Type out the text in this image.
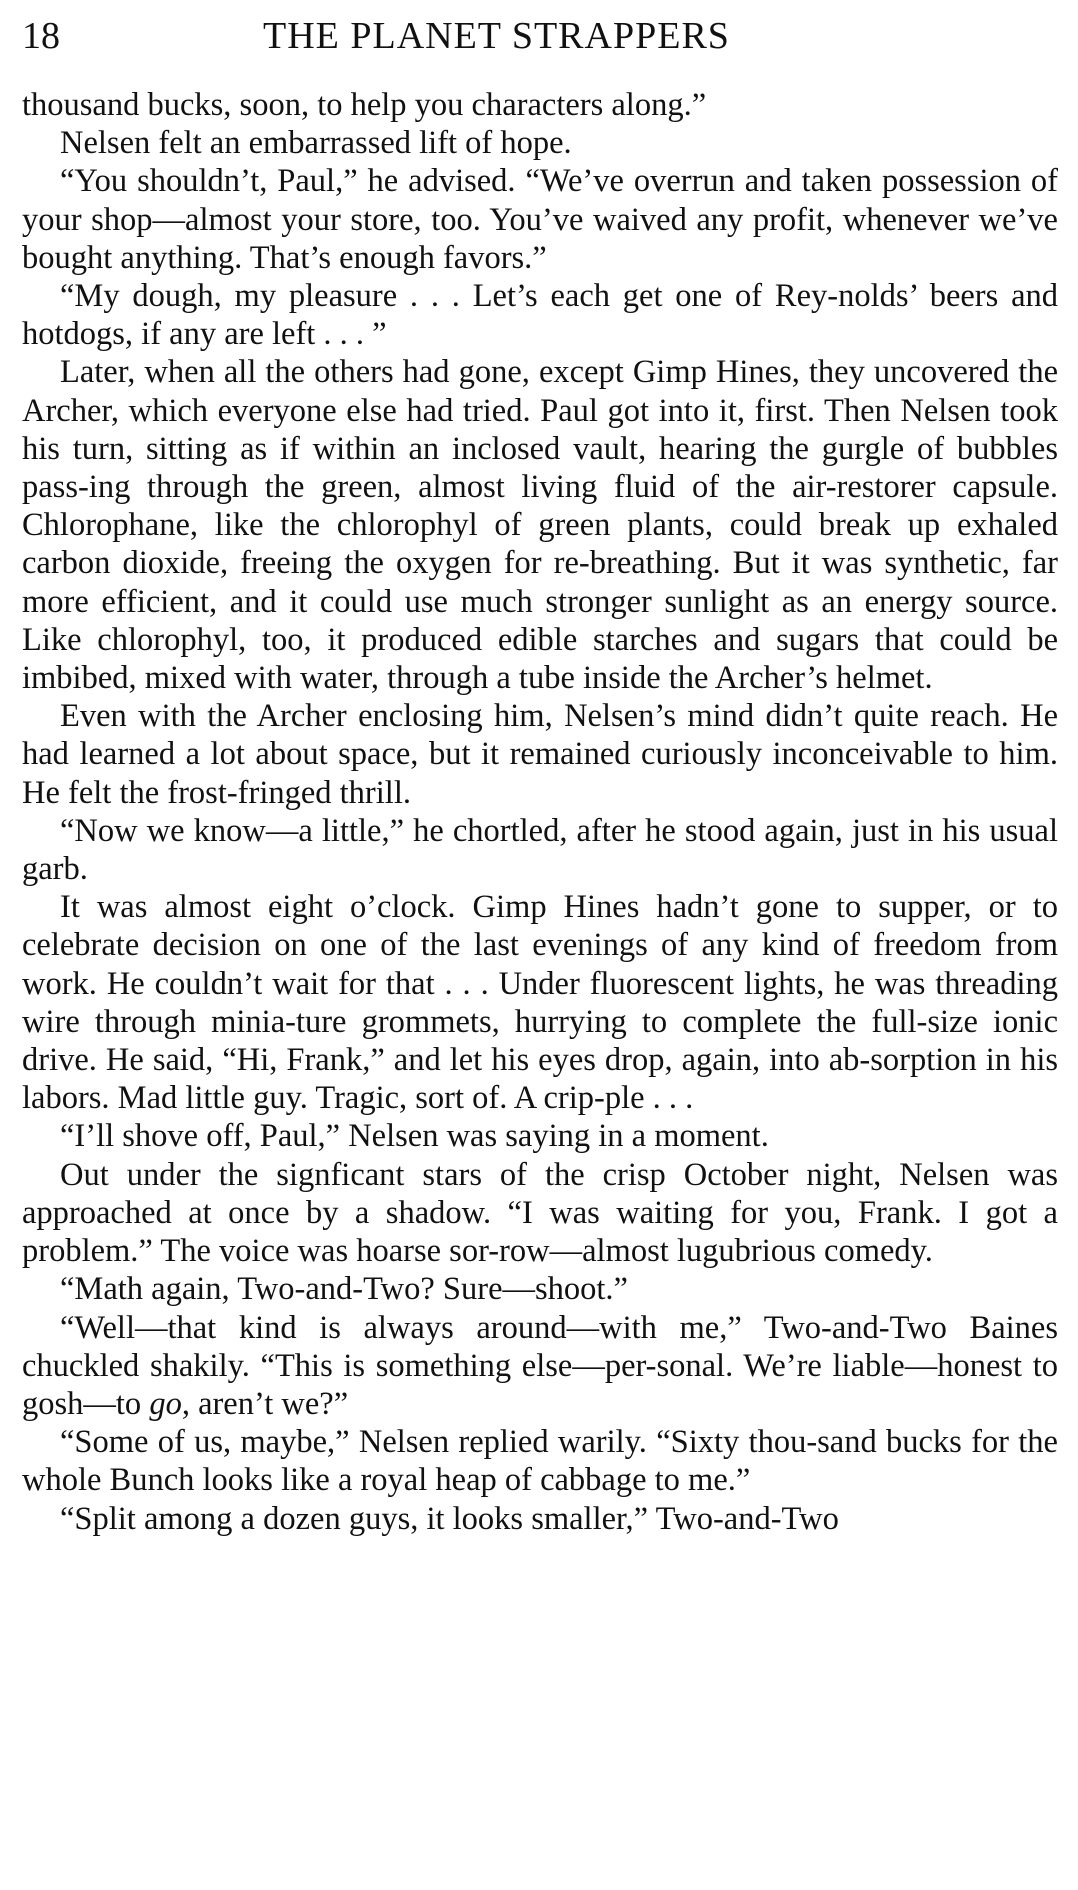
18	THE PLANET STRAPPERS

thousand bucks, soon, to help you characters along.”

Nelsen felt an embarrassed lift of hope.

“You shouldn’t, Paul,” he advised. “We’ve overrun and taken possession of your shop—almost your store, too. You’ve waived any profit, whenever we’ve bought anything. That’s enough favors.”

“My dough, my pleasure . . . Let’s each get one of Rey-nolds’ beers and hotdogs, if any are left . . . ”

Later, when all the others had gone, except Gimp Hines, they uncovered the Archer, which everyone else had tried. Paul got into it, first. Then Nelsen took his turn, sitting as if within an inclosed vault, hearing the gurgle of bubbles pass-ing through the green, almost living fluid of the air-restorer capsule. Chlorophane, like the chlorophyl of green plants, could break up exhaled carbon dioxide, freeing the oxygen for re-breathing. But it was synthetic, far more efficient, and it could use much stronger sunlight as an energy source. Like chlorophyl, too, it produced edible starches and sugars that could be imbibed, mixed with water, through a tube inside the Archer’s helmet.

Even with the Archer enclosing him, Nelsen’s mind didn’t quite reach. He had learned a lot about space, but it remained curiously inconceivable to him. He felt the frost-fringed thrill.

“Now we know—a little,” he chortled, after he stood again, just in his usual garb.

It was almost eight o’clock. Gimp Hines hadn’t gone to supper, or to celebrate decision on one of the last evenings of any kind of freedom from work. He couldn’t wait for that . . . Under fluorescent lights, he was threading wire through minia-ture grommets, hurrying to complete the full-size ionic drive. He said, “Hi, Frank,” and let his eyes drop, again, into ab-sorption in his labors. Mad little guy. Tragic, sort of. A crip-ple . . .

“I’ll shove off, Paul,” Nelsen was saying in a moment.

Out under the signficant stars of the crisp October night, Nelsen was approached at once by a shadow. “I was waiting for you, Frank. I got a problem.” The voice was hoarse sor-row—almost lugubrious comedy.

“Math again, Two-and-Two? Sure—shoot.”

“Well—that kind is always around—with me,” Two-and-Two Baines chuckled shakily. “This is something else—per-sonal. We’re liable—honest to gosh—to go, aren’t we?”

“Some of us, maybe,” Nelsen replied warily. “Sixty thou-sand bucks for the whole Bunch looks like a royal heap of cabbage to me.”

“Split among a dozen guys, it looks smaller,” Two-and-Two
